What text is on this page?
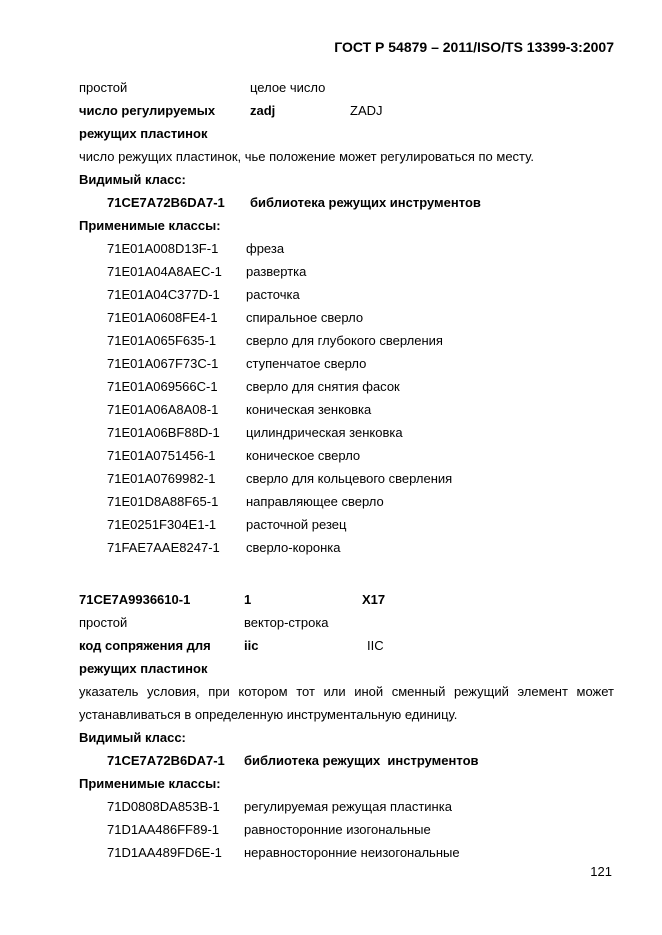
ГОСТ Р 54879 – 2011/ISO/TS 13399-3:2007
простой	целое число
число регулируемых	zadj	ZADJ
режущих пластинок
число режущих пластинок, чье положение может регулироваться по месту.
Видимый класс:
71CE7A72B6DA7-1 библиотека режущих инструментов
Применимые классы:
71E01A008D13F-1 фреза
71E01A04A8AEC-1 развертка
71E01A04C377D-1 расточка
71E01A0608FE4-1 спиральное сверло
71E01A065F635-1 сверло для глубокого сверления
71E01A067F73C-1 ступенчатое сверло
71E01A069566C-1 сверло для снятия фасок
71E01A06A8A08-1 коническая зенковка
71E01A06BF88D-1 цилиндрическая зенковка
71E01A0751456-1 коническое сверло
71E01A0769982-1 сверло для кольцевого сверления
71E01D8A88F65-1 направляющее сверло
71E0251F304E1-1 расточной резец
71FAE7AAE8247-1 сверло-коронка
71CE7A9936610-1	1	X17
простой	вектор-строка
код сопряжения для	iic	IIC
режущих пластинок
указатель условия, при котором тот или иной сменный режущий элемент может
устанавливаться в определенную инструментальную единицу.
Видимый класс:
71CE7A72B6DA7-1 библиотека режущих  инструментов
Применимые классы:
71D0808DA853B-1 регулируемая режущая пластинка
71D1AA486FF89-1 равносторонние изогональные
71D1AA489FD6E-1 неравносторонние неизогональные
121
